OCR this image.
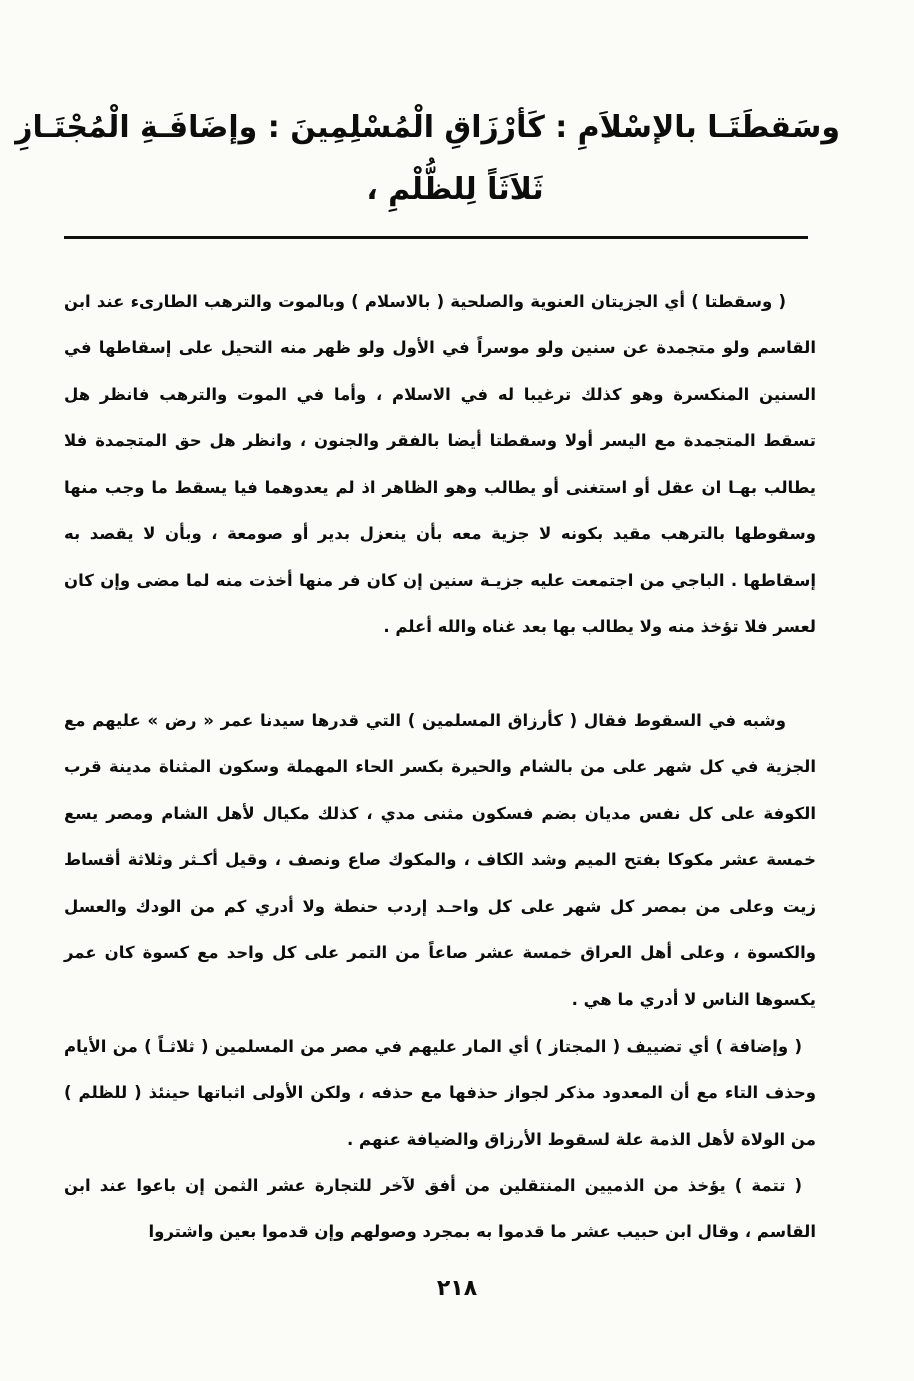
وسَقطَتَـا بالإسْلاَمِ : كَأرْزَاقِ الْمُسْلِمِينَ : وإضَافَـةِ الْمُجْتَـازِ
ثَلاَثَاً لِلظُّلْمِ ،

( وسقطتا ) أي الجزيتان العنوية والصلحية ( بالاسلام ) وبالموت والترهب الطارىء عند ابن القاسم ولو متجمدة عن سنين ولو موسراً في الأول ولو ظهر منه التحيل على إسقاطها في السنين المنكسرة وهو كذلك ترغيبا له في الاسلام ، وأما في الموت والترهب فانظر هل تسقط المتجمدة مع اليسر أولا وسقطتا أيضا بالفقر والجنون ، وانظر هل حق المتجمدة فلا يطالب بهـا ان عقل أو استغنى أو يطالب وهو الظاهر اذ لم يعدوهما فيا يسقط ما وجب منها وسقوطها بالترهب مقيد بكونه لا جزية معه بأن ينعزل بدير أو صومعة ، وبأن لا يقصد به إسقاطها . الباجي من اجتمعت عليه جزيـة سنين إن كان فر منها أخذت منه لما مضى وإن كان لعسر فلا تؤخذ منه ولا يطالب بها بعد غناه والله أعلم .

وشبه في السقوط فقال ( كأرزاق المسلمين ) التي قدرها سيدنا عمر « رض » عليهم مع الجزية في كل شهر على من بالشام والحيرة بكسر الحاء المهملة وسكون المثناة مدينة قرب الكوفة على كل نفس مديان بضم فسكون مثنى مدي ، كذلك مكيال لأهل الشام ومصر يسع خمسة عشر مكوكا بفتح الميم وشد الكاف ، والمكوك صاع ونصف ، وقيل أكـثر وثلاثة أقساط زيت وعلى من بمصر كل شهر على كل واحـد إردب حنطة ولا أدري كم من الودك والعسل والكسوة ، وعلى أهل العراق خمسة عشر صاعاً من التمر على كل واحد مع كسوة كان عمر يكسوها الناس لا أدري ما هي .

( وإضافة ) أي تضييف ( المجتاز ) أي المار عليهم في مصر من المسلمين ( ثلاثـاً ) من الأيام وحذف التاء مع أن المعدود مذكر لجواز حذفها مع حذفه ، ولكن الأولى اثباتها حينئذ ( للظلم ) من الولاة لأهل الذمة علة لسقوط الأرزاق والضيافة عنهم .

( تتمة ) يؤخذ من الذميين المنتقلين من أفق لآخر للتجارة عشر الثمن إن باعوا عند ابن القاسم ، وقال ابن حبيب عشر ما قدموا به بمجرد وصولهم وإن قدموا بعين واشتروا

٢١٨
